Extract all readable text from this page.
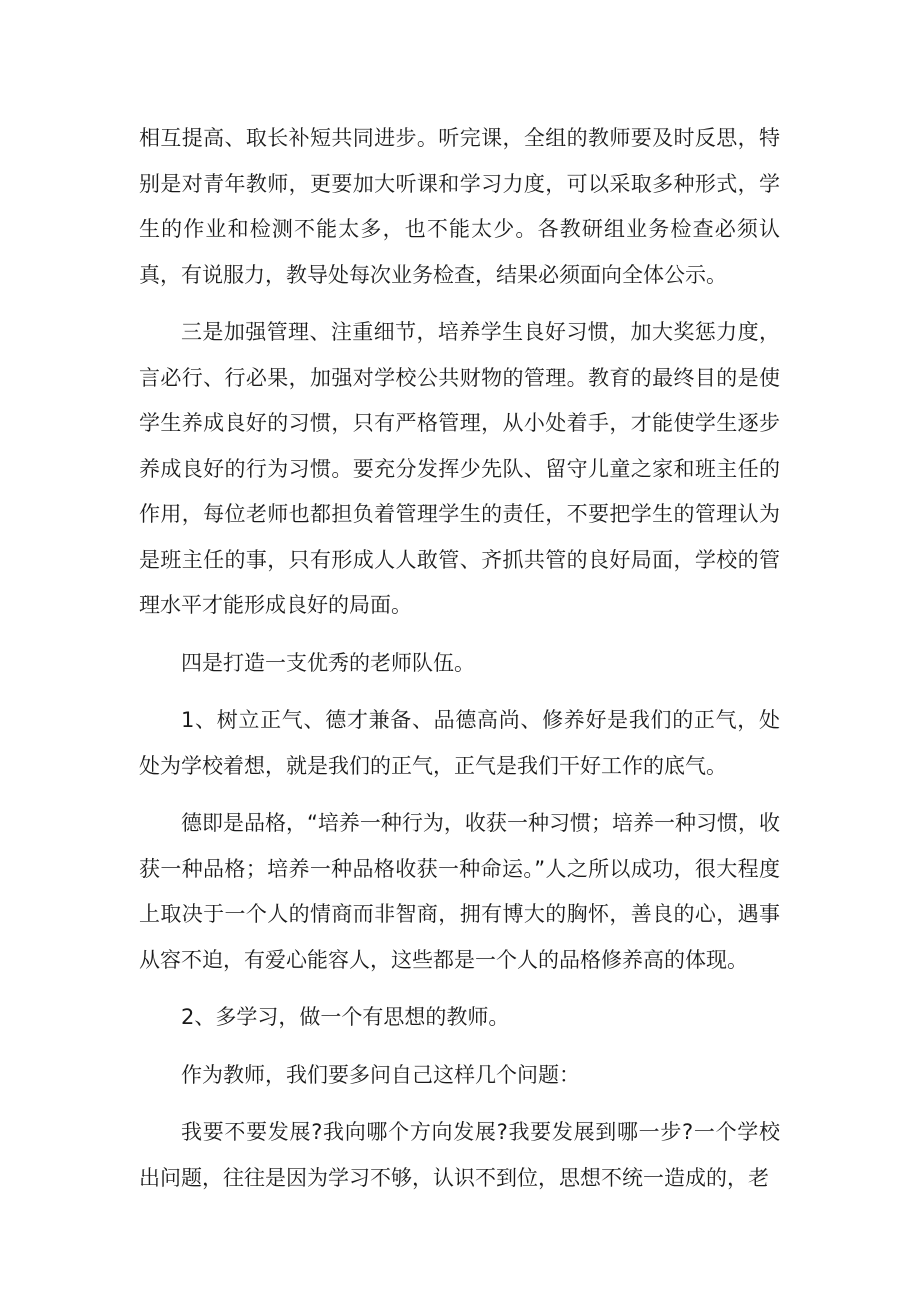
相互提高、取长补短共同进步。听完课，全组的教师要及时反思，特别是对青年教师，更要加大听课和学习力度，可以采取多种形式，学生的作业和检测不能太多，也不能太少。各教研组业务检查必须认真，有说服力，教导处每次业务检查，结果必须面向全体公示。

三是加强管理、注重细节，培养学生良好习惯，加大奖惩力度，言必行、行必果，加强对学校公共财物的管理。教育的最终目的是使学生养成良好的习惯，只有严格管理，从小处着手，才能使学生逐步养成良好的行为习惯。要充分发挥少先队、留守儿童之家和班主任的作用，每位老师也都担负着管理学生的责任，不要把学生的管理认为是班主任的事，只有形成人人敢管、齐抓共管的良好局面，学校的管理水平才能形成良好的局面。

四是打造一支优秀的老师队伍。

1、树立正气、德才兼备、品德高尚、修养好是我们的正气，处处为学校着想，就是我们的正气，正气是我们干好工作的底气。

德即是品格，“培养一种行为，收获一种习惯；培养一种习惯，收获一种品格；培养一种品格收获一种命运。”人之所以成功，很大程度上取决于一个人的情商而非智商，拥有博大的胸怀，善良的心，遇事从容不迫，有爱心能容人，这些都是一个人的品格修养高的体现。

2、多学习，做一个有思想的教师。

作为教师，我们要多问自己这样几个问题：

我要不要发展?我向哪个方向发展?我要发展到哪一步?一个学校出问题，往往是因为学习不够，认识不到位，思想不统一造成的，老
